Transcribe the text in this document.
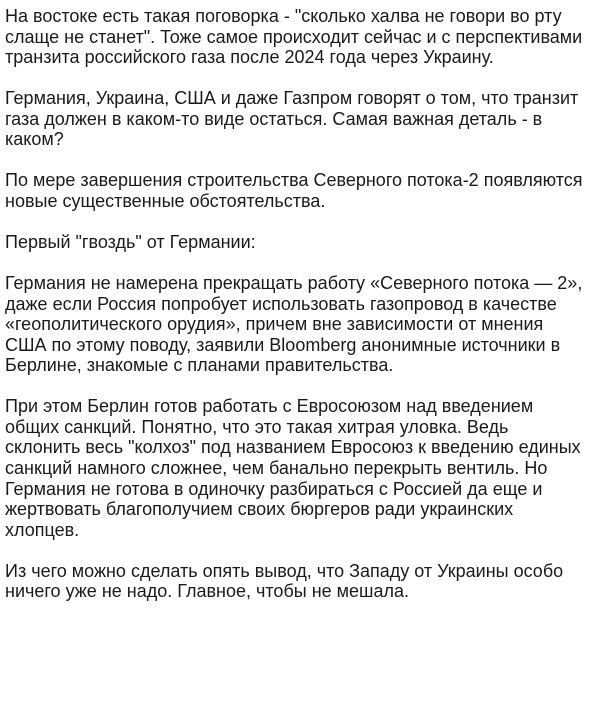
На востоке есть такая поговорка - "сколько халва не говори во рту слаще не станет". Тоже самое происходит сейчас и с перспективами транзита российского газа после 2024 года через Украину.

Германия, Украина, США и даже Газпром говорят о том, что транзит газа должен в каком-то виде остаться. Самая важная деталь - в каком?

По мере завершения строительства Северного потока-2 появляются новые существенные обстоятельства.

Первый "гвоздь" от Германии:

Германия не намерена прекращать работу «Северного потока — 2», даже если Россия попробует использовать газопровод в качестве «геополитического орудия», причем вне зависимости от мнения США по этому поводу, заявили Bloomberg анонимные источники в Берлине, знакомые с планами правительства.

При этом Берлин готов работать с Евросоюзом над введением общих санкций. Понятно, что это такая хитрая уловка. Ведь склонить весь "колхоз" под названием Евросоюз к введению единых санкций намного сложнее, чем банально перекрыть вентиль. Но Германия не готова в одиночку разбираться с Россией да еще и жертвовать благополучием своих бюргеров ради украинских хлопцев.

Из чего можно сделать опять вывод, что Западу от Украины особо ничего уже не надо. Главное, чтобы не мешала.
